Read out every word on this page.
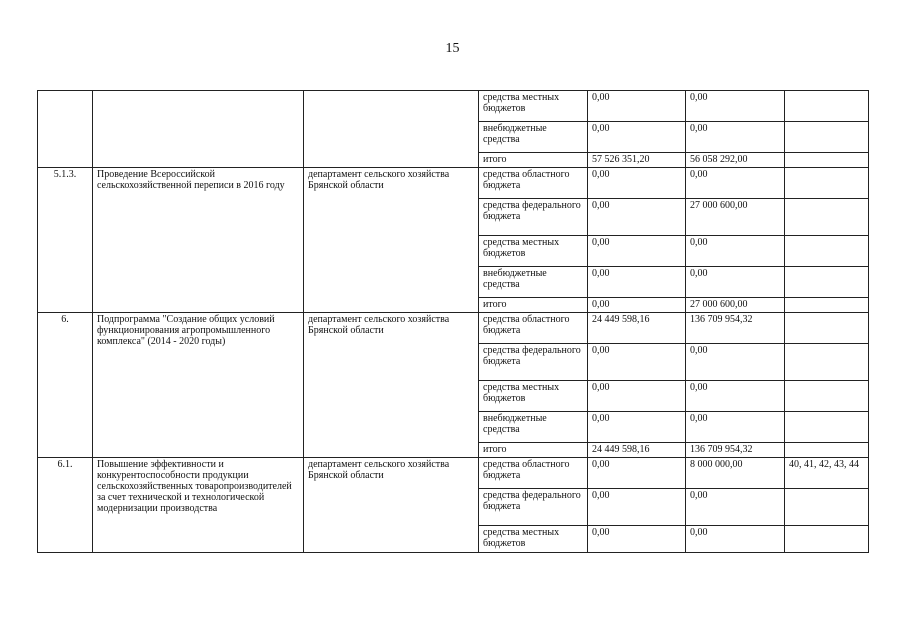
15
			средства местных бюджетов	0,00	0,00	
			внебюджетные средства	0,00	0,00	
			итого	57 526 351,20	56 058 292,00	
5.1.3.	Проведение Всероссийской сельскохозяйственной переписи в 2016 году	департамент сельского хозяйства Брянской области	средства областного бюджета	0,00	0,00	
			средства федерального бюджета	0,00	27 000 600,00	
			средства местных бюджетов	0,00	0,00	
			внебюджетные средства	0,00	0,00	
			итого	0,00	27 000 600,00	
6.	Подпрограмма "Создание общих условий функционирования агропромышленного комплекса" (2014 - 2020 годы)	департамент сельского хозяйства Брянской области	средства областного бюджета	24 449 598,16	136 709 954,32	
			средства федерального бюджета	0,00	0,00	
			средства местных бюджетов	0,00	0,00	
			внебюджетные средства	0,00	0,00	
			итого	24 449 598,16	136 709 954,32	
6.1.	Повышение эффективности и конкурентоспособности продукции сельскохозяйственных товаропроизводителей за счет технической и технологической модернизации производства	департамент сельского хозяйства Брянской области	средства областного бюджета	0,00	8 000 000,00	40, 41, 42, 43, 44
			средства федерального бюджета	0,00	0,00	
			средства местных бюджетов	0,00	0,00	
